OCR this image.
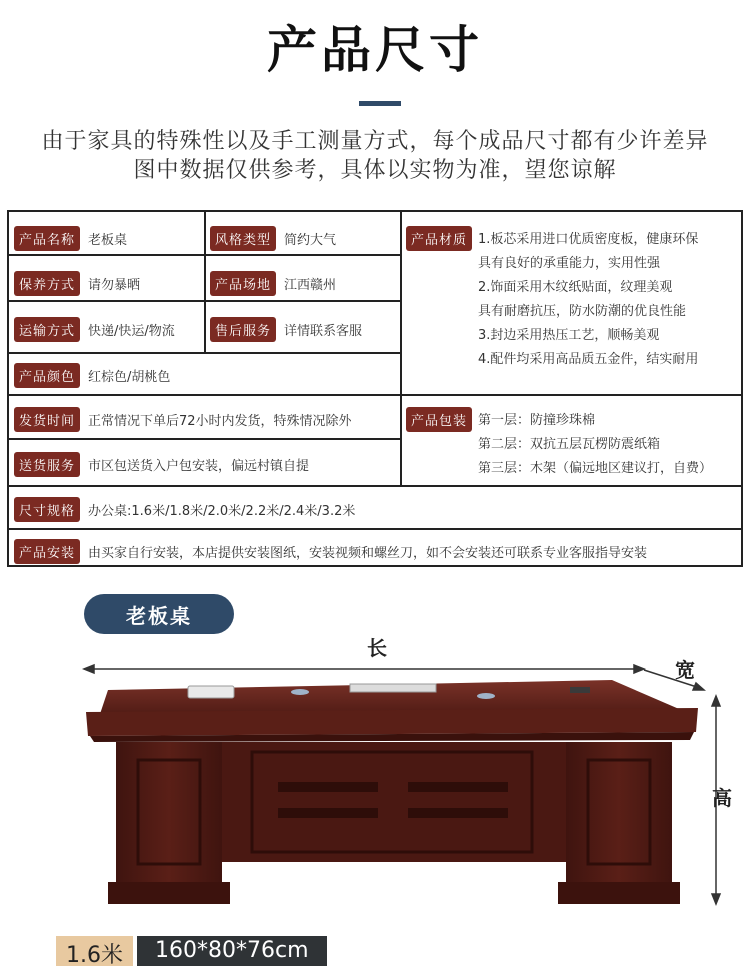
产品尺寸
由于家具的特殊性以及手工测量方式，每个成品尺寸都有少许差异
图中数据仅供参考，具体以实物为准，望您谅解
产品名称	老板桌	风格类型	简约大气
保养方式	请勿暴晒	产品场地	江西赣州
运输方式	快递/快运/物流	售后服务	详情联系客服
产品颜色	红棕色/胡桃色
产品材质 1.板芯采用进口优质密度板，健康环保
具有良好的承重能力，实用性强
2.饰面采用木纹纸贴面，纹理美观
具有耐磨抗压，防水防潮的优良性能
3.封边采用热压工艺，顺畅美观
4.配件均采用高品质五金件，结实耐用
发货时间	正常情况下单后72小时内发货，特殊情况除外
送货服务	市区包送货入户包安装，偏远村镇自提
产品包装 第一层：防撞珍珠棉
第二层：双抗五层瓦楞防震纸箱
第三层：木架（偏远地区建议打，自费）
尺寸规格	办公桌:1.6米/1.8米/2.0米/2.2米/2.4米/3.2米
产品安装	由买家自行安装，本店提供安装图纸，安装视频和螺丝刀，如不会安装还可联系专业客服指导安装
老板桌
长
宽
高
1.6米	160*80*76cm
